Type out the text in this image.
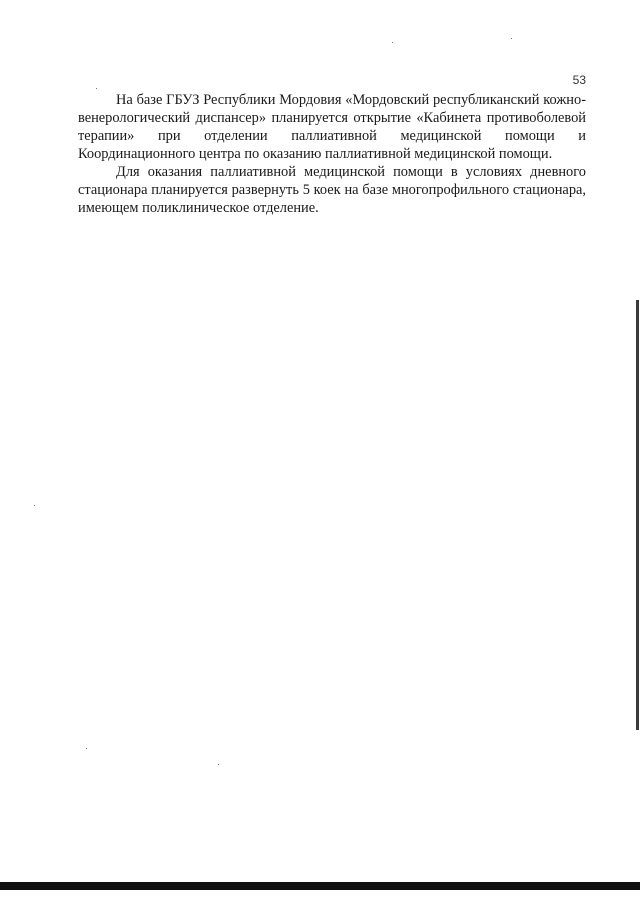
53

На базе ГБУЗ Республики Мордовия «Мордовский республиканский кожно-венерологический диспансер» планируется открытие «Кабинета противоболевой терапии» при отделении паллиативной медицинской помощи и Координационного центра по оказанию паллиативной медицинской помощи.

Для оказания паллиативной медицинской помощи в условиях дневного стационара планируется развернуть 5 коек на базе многопрофильного стационара, имеющем поликлиническое отделение.
